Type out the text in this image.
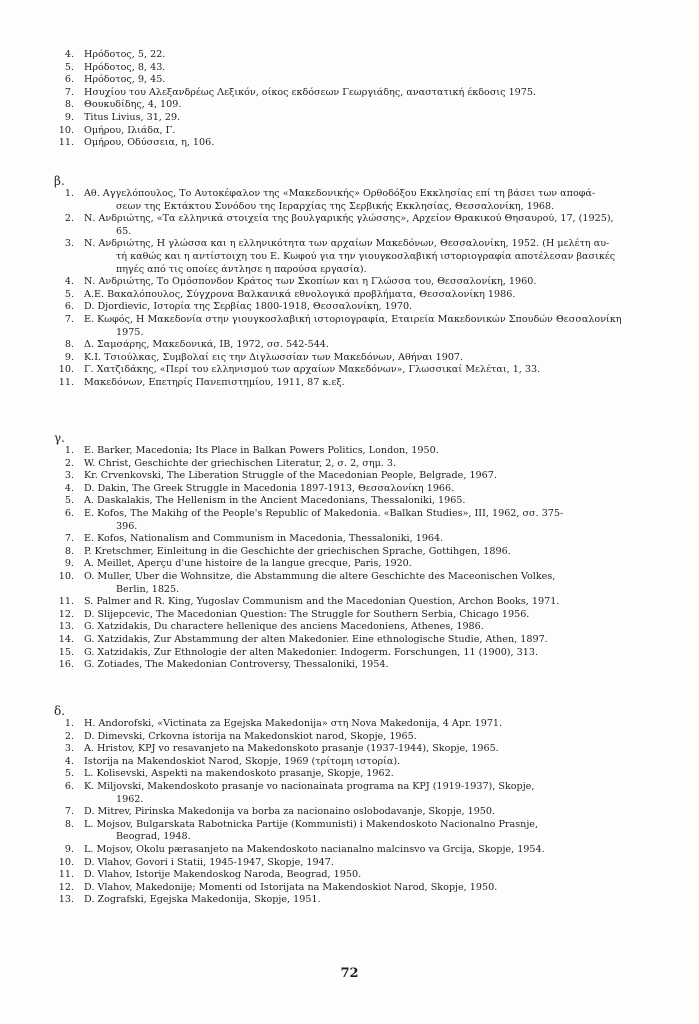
4. Ηρόδοτος, 5, 22.
5. Ηρόδοτος, 8, 43.
6. Ηρόδοτος, 9, 45.
7. Ησυχίου του Αλεξανδρέως Λεξικόν, οίκος εκδόσεων Γεωργιάδης, αναστατική έκδοσις 1975.
8. Θουκυδίδης, 4, 109.
9. Titus Livius, 31, 29.
10. Ομήρου, Ιλιάδα, Γ.
11. Ομήρου, Οδύσσεια, η, 106.
β.
1. Αθ. Αγγελόπουλος, Το Αυτοκέφαλον της «Μακεδονικής» Ορθοδόξου Εκκλησίας επί τη βάσει των αποφά-
σεων της Εκτάκτου Συνόδου της Ιεραρχίας της Σερβικής Εκκλησίας, Θεσσαλονίκη, 1968.
2. Ν. Ανδριώτης, «Τα ελληνικά στοιχεία της βουλγαρικής γλώσσης», Αρχείον Θρακικού Θησαυρού, 17, (1925),
65.
3. Ν. Ανδριώτης, Η γλώσσα και η ελληνικότητα των αρχαίων Μακεδόνων, Θεσσαλονίκη, 1952. (Η μελέτη αυ-
τή καθώς και η αντίστοιχη του Ε. Κωφού για την γιουγκοσλαβική ιστοριογραφία αποτέλεσαν βασικές
πηγές από τις οποίες άντλησε η παρούσα εργασία).
4. Ν. Ανδριώτης, Το Ομόσπονδον Κράτος των Σκοπίων και η Γλώσσα του, Θεσσαλονίκη, 1960.
5. Α.Ε. Βακαλόπουλος, Σύγχρονα Βαλκανικά εθνολογικά προβλήματα, Θεσσαλονίκη 1986.
6. D. Djordievic, Ιστορία της Σερβίας 1800-1918, Θεσσαλονίκη, 1970.
7. Ε. Κωφός, Η Μακεδονία στην γιουγκοσλαβική ιστοριογραφία, Εταιρεία Μακεδονικών Σπουδών Θεσσαλονίκη
1975.
8. Δ. Σαμσάρης, Μακεδονικά, ΙΒ, 1972, σσ. 542-544.
9. Κ.Ι. Τσιούλκας, Συμβολαί εις την Διγλωσσίαν των Μακεδόνων, Αθήναι 1907.
10. Γ. Χατζιδάκης, «Περί του ελληνισμού των αρχαίων Μακεδόνων», Γλωσσικαί Μελέται, 1, 33.
11. Μακεδόνων, Επετηρίς Πανεπιστημίου, 1911, 87 κ.εξ.
γ.
1. E. Barker, Macedonia; Its Place in Balkan Powers Politics, London, 1950.
2. W. Christ, Geschichte der griechischen Literatur, 2, σ. 2, σημ. 3.
3. Kr. Crvenkovski, The Liberation Struggle of the Macedonian People, Belgrade, 1967.
4. D. Dakin, The Greek Struggle in Macedonia 1897-1913, Θεσσαλονίκη 1966.
5. A. Daskalakis, The Hellenism in the Ancient Macedonians, Thessaloniki, 1965.
6. E. Kofos, The Makihg of the People's Republic of Makedonia. «Balkan Studies», III, 1962, σσ. 375-
396.
7. E. Kofos, Nationalism and Communism in Macedonia, Thessaloniki, 1964.
8. P. Kretschmer, Einleitung in die Geschichte der griechischen Sprache, Gottihgen, 1896.
9. A. Meillet, Aperçu d'une histoire de la langue grecque, Paris, 1920.
10. O. Muller, Uber die Wohnsitze, die Abstammung die altere Geschichte des Maceonischen Volkes,
Berlin, 1825.
11. S. Palmer and R. King, Yugoslav Communism and the Macedonian Question, Archon Books, 1971.
12. D. Slijepcevic, The Macedonian Question: The Struggle for Southern Serbia, Chicago 1956.
13. G. Xatzidakis, Du charactere hellenique des anciens Macedoniens, Athenes, 1986.
14. G. Xatzidakis, Zur Abstammung der alten Makedonier. Eine ethnologische Studie, Athen, 1897.
15. G. Xatzidakis, Zur Ethnologie der alten Makedonier. Indogerm. Forschungen, 11 (1900), 313.
16. G. Zotiades, The Makedonian Controversy, Thessaloniki, 1954.
δ.
1. H. Andorofski, «Victinata za Egejska Makedonija» στη Nova Makedonija, 4 Apr. 1971.
2. D. Dimevski, Crkovna istorija na Makedonskiot narod, Skopje, 1965.
3. A. Hristov, KPJ vo resavanjeto na Makedonskoto prasanje (1937-1944), Skopje, 1965.
4. Istorija na Makendoskiot Narod, Skopje, 1969 (τρίτομη ιστορία).
5. L. Kolisevski, Aspekti na makendoskoto prasanje, Skopje, 1962.
6. K. Miljovski, Makendoskoto prasanje vo nacionainata programa na KPJ (1919-1937), Skopje,
1962.
7. D. Mitrev, Pirinska Makedonija va borba za nacionaino oslobodavanje, Skopje, 1950.
8. L. Mojsov, Bulgarskata Rabotnicka Partije (Kommunisti) i Makendoskoto Nacionalno Prasnje,
Beograd, 1948.
9. L. Mojsov, Okolu pærasanjeto na Makendoskoto nacianalno malcinsvo va Grcija, Skopje, 1954.
10. D. Vlahov, Govori i Statii, 1945-1947, Skopje, 1947.
11. D. Vlahov, Istorije Makendoskog Naroda, Beograd, 1950.
12. D. Vlahov, Makedonije; Momenti od Istorijata na Makendoskiot Narod, Skopje, 1950.
13. D. Zografski, Egejska Makedonija, Skopje, 1951.
72
